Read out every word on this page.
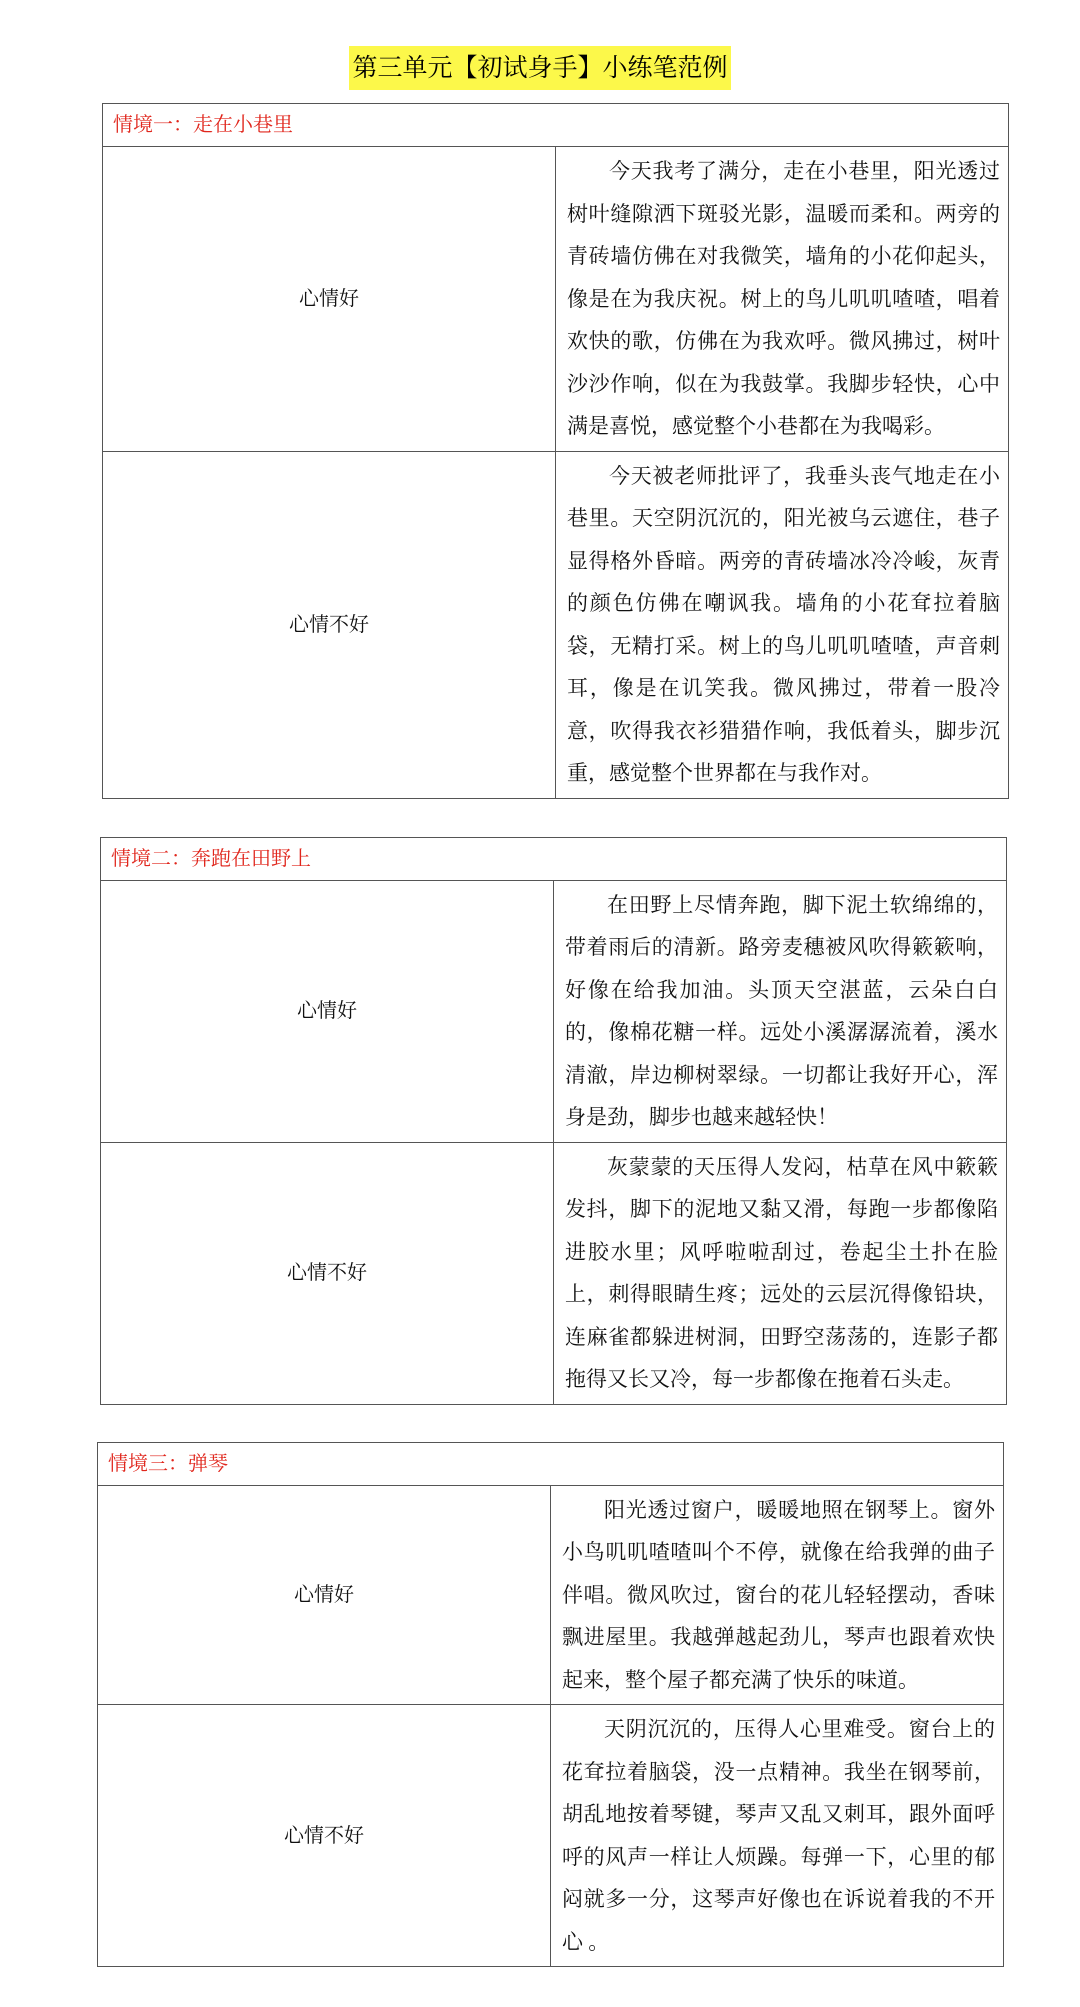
第三单元【初试身手】小练笔范例
情境一：走在小巷里	
心情好	今天我考了满分，走在小巷里，阳光透过树叶缝隙洒下斑驳光影，温暖而柔和。两旁的青砖墙仿佛在对我微笑，墙角的小花仰起头，像是在为我庆祝。树上的鸟儿叽叽喳喳，唱着欢快的歌，仿佛在为我欢呼。微风拂过，树叶沙沙作响，似在为我鼓掌。我脚步轻快，心中满是喜悦，感觉整个小巷都在为我喝彩。
心情不好	今天被老师批评了，我垂头丧气地走在小巷里。天空阴沉沉的，阳光被乌云遮住，巷子显得格外昏暗。两旁的青砖墙冰冷冷峻，灰青的颜色仿佛在嘲讽我。墙角的小花耷拉着脑袋，无精打采。树上的鸟儿叽叽喳喳，声音刺耳，像是在讥笑我。微风拂过，带着一股冷意，吹得我衣衫猎猎作响，我低着头，脚步沉重，感觉整个世界都在与我作对。
情境二：奔跑在田野上	
心情好	在田野上尽情奔跑，脚下泥土软绵绵的，带着雨后的清新。路旁麦穗被风吹得簌簌响，好像在给我加油。头顶天空湛蓝，云朵白白的，像棉花糖一样。远处小溪潺潺流着，溪水清澈，岸边柳树翠绿。一切都让我好开心，浑身是劲，脚步也越来越轻快！
心情不好	灰蒙蒙的天压得人发闷，枯草在风中簌簌发抖，脚下的泥地又黏又滑，每跑一步都像陷进胶水里；风呼啦啦刮过，卷起尘土扑在脸上，刺得眼睛生疼；远处的云层沉得像铅块，连麻雀都躲进树洞，田野空荡荡的，连影子都拖得又长又冷，每一步都像在拖着石头走。
情境三：弹琴	
心情好	阳光透过窗户，暖暖地照在钢琴上。窗外小鸟叽叽喳喳叫个不停，就像在给我弹的曲子伴唱。微风吹过，窗台的花儿轻轻摆动，香味飘进屋里。我越弹越起劲儿，琴声也跟着欢快起来，整个屋子都充满了快乐的味道。
心情不好	天阴沉沉的，压得人心里难受。窗台上的花耷拉着脑袋，没一点精神。我坐在钢琴前，胡乱地按着琴键，琴声又乱又刺耳，跟外面呼呼的风声一样让人烦躁。每弹一下，心里的郁闷就多一分，这琴声好像也在诉说着我的不开心 。
